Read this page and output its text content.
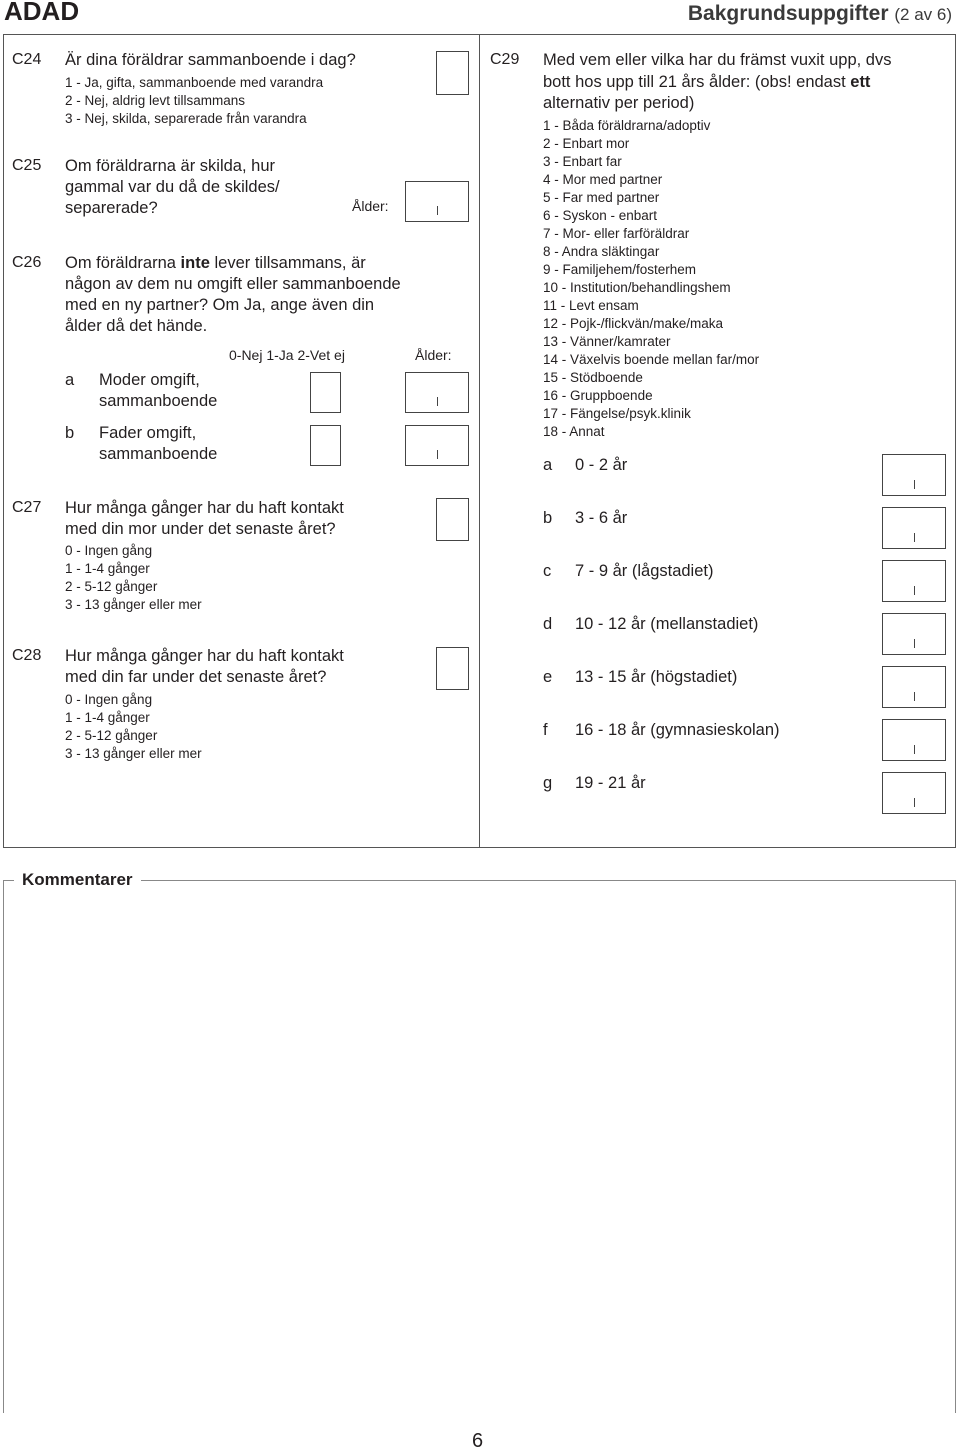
ADAD	Bakgrundsuppgifter (2 av 6)
C24 Är dina föräldrar sammanboende i dag?
1 - Ja, gifta, sammanboende med varandra
2 - Nej, aldrig levt tillsammans
3 - Nej, skilda, separerade från varandra
C25 Om föräldrarna är skilda, hur
gammal var du då de skildes/
separerade?	Ålder:
C26 Om föräldrarna inte lever tillsammans, är
någon av dem nu omgift eller sammanboende
med en ny partner? Om Ja, ange även din
ålder då det hände.
0-Nej 1-Ja 2-Vet ej	Ålder:
a Moder omgift,
sammanboende
b Fader omgift,
sammanboende
C27 Hur många gånger har du haft kontakt
med din mor under det senaste året?
0 - Ingen gång
1 - 1-4 gånger
2 - 5-12 gånger
3 - 13 gånger eller mer
C28 Hur många gånger har du haft kontakt
med din far under det senaste året?
0 - Ingen gång
1 - 1-4 gånger
2 - 5-12 gånger
3 - 13 gånger eller mer
C29 Med vem eller vilka har du främst vuxit upp, dvs
bott hos upp till 21 års ålder: (obs! endast ett
alternativ per period)
1 - Båda föräldrarna/adoptiv
2 - Enbart mor
3 - Enbart far
4 - Mor med partner
5 - Far med partner
6 - Syskon - enbart
7 - Mor- eller farföräldrar
8 - Andra släktingar
9 - Familjehem/fosterhem
10 - Institution/behandlingshem
11 - Levt ensam
12 - Pojk-/flickvän/make/maka
13 - Vänner/kamrater
14 - Växelvis boende mellan far/mor
15 - Stödboende
16 - Gruppboende
17 - Fängelse/psyk.klinik
18 - Annat
a 0 - 2 år
b 3 - 6 år
c 7 - 9 år (lågstadiet)
d 10 - 12 år (mellanstadiet)
e 13 - 15 år (högstadiet)
f 16 - 18 år (gymnasieskolan)
g 19 - 21 år
Kommentarer
6
